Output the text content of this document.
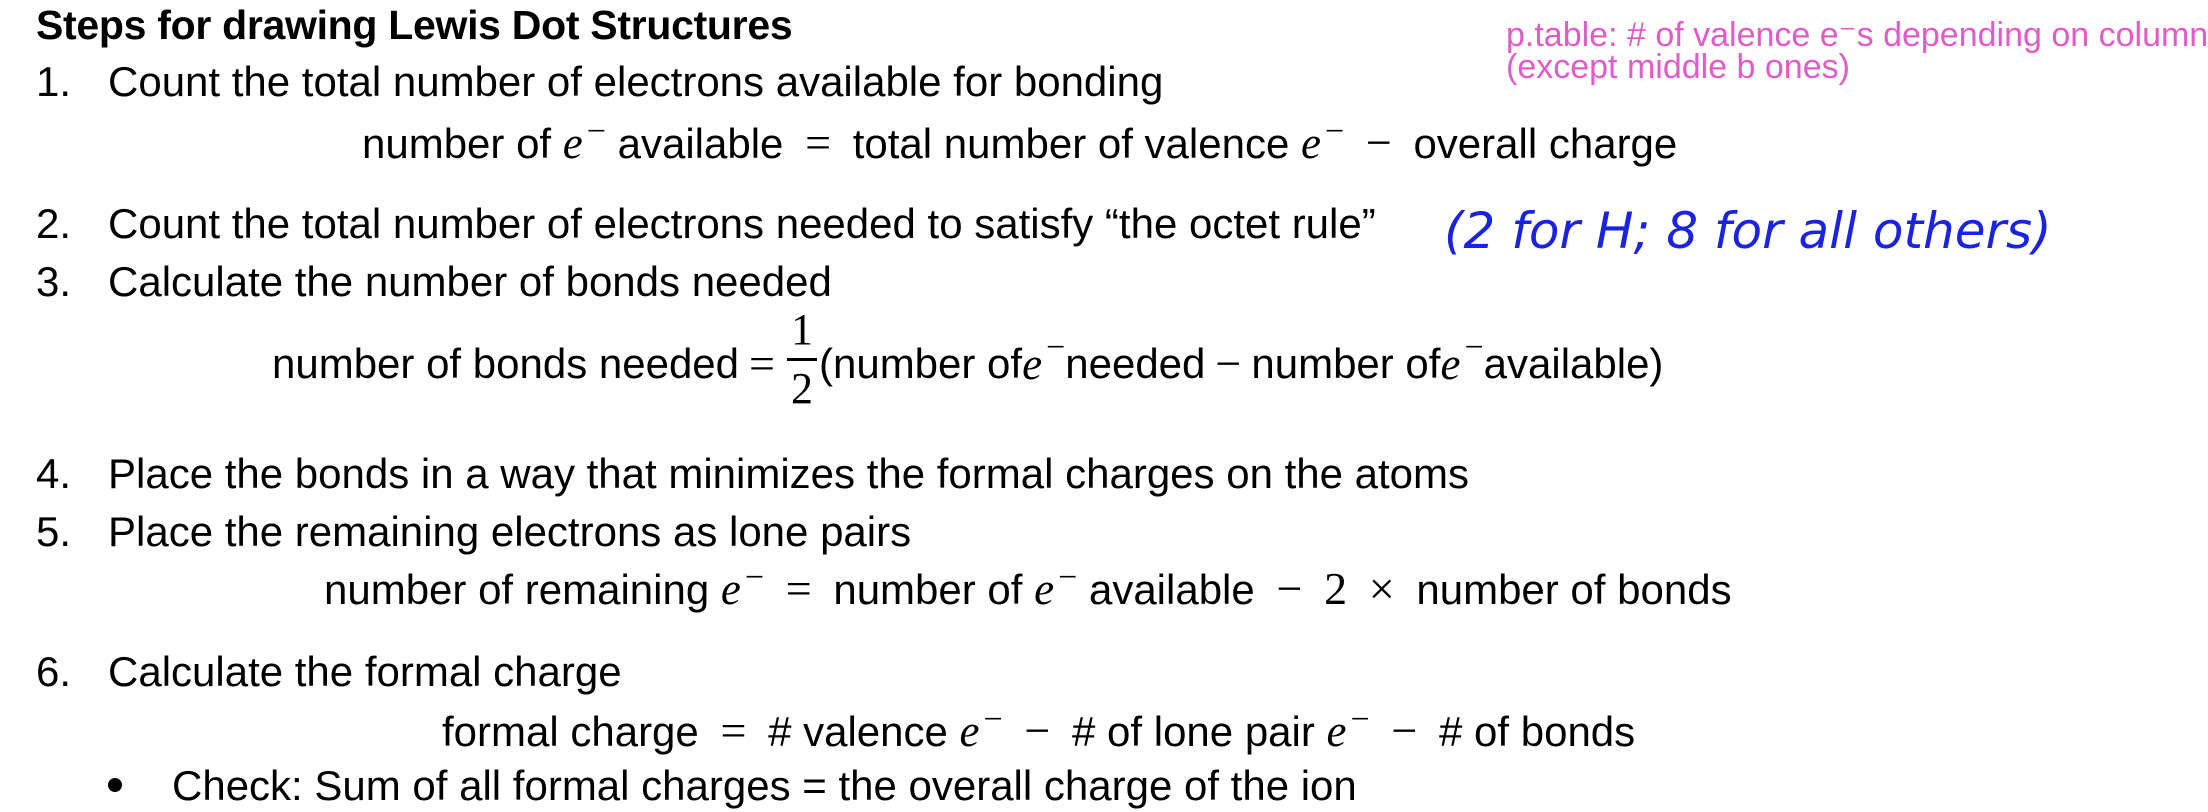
Steps for drawing Lewis Dot Structures	p.table: # of valence e⁻s depending on column
(except middle b ones)
1. Count the total number of electrons available for bonding
number of e − available = total number of valence e − − overall charge
2. Count the total number of electrons needed to satisfy “the octet rule” (2 for H; 8 for all others)
3. Calculate the number of bonds needed
number of bonds needed = $\frac{1}{2}$ (number of e − needed − number of e − available)
4. Place the bonds in a way that minimizes the formal charges on the atoms
5. Place the remaining electrons as lone pairs
number of remaining e − = number of e − available − 2 × number of bonds
6. Calculate the formal charge
formal charge = # valence e − − # of lone pair e − − # of bonds
Check: Sum of all formal charges = the overall charge of the ion
